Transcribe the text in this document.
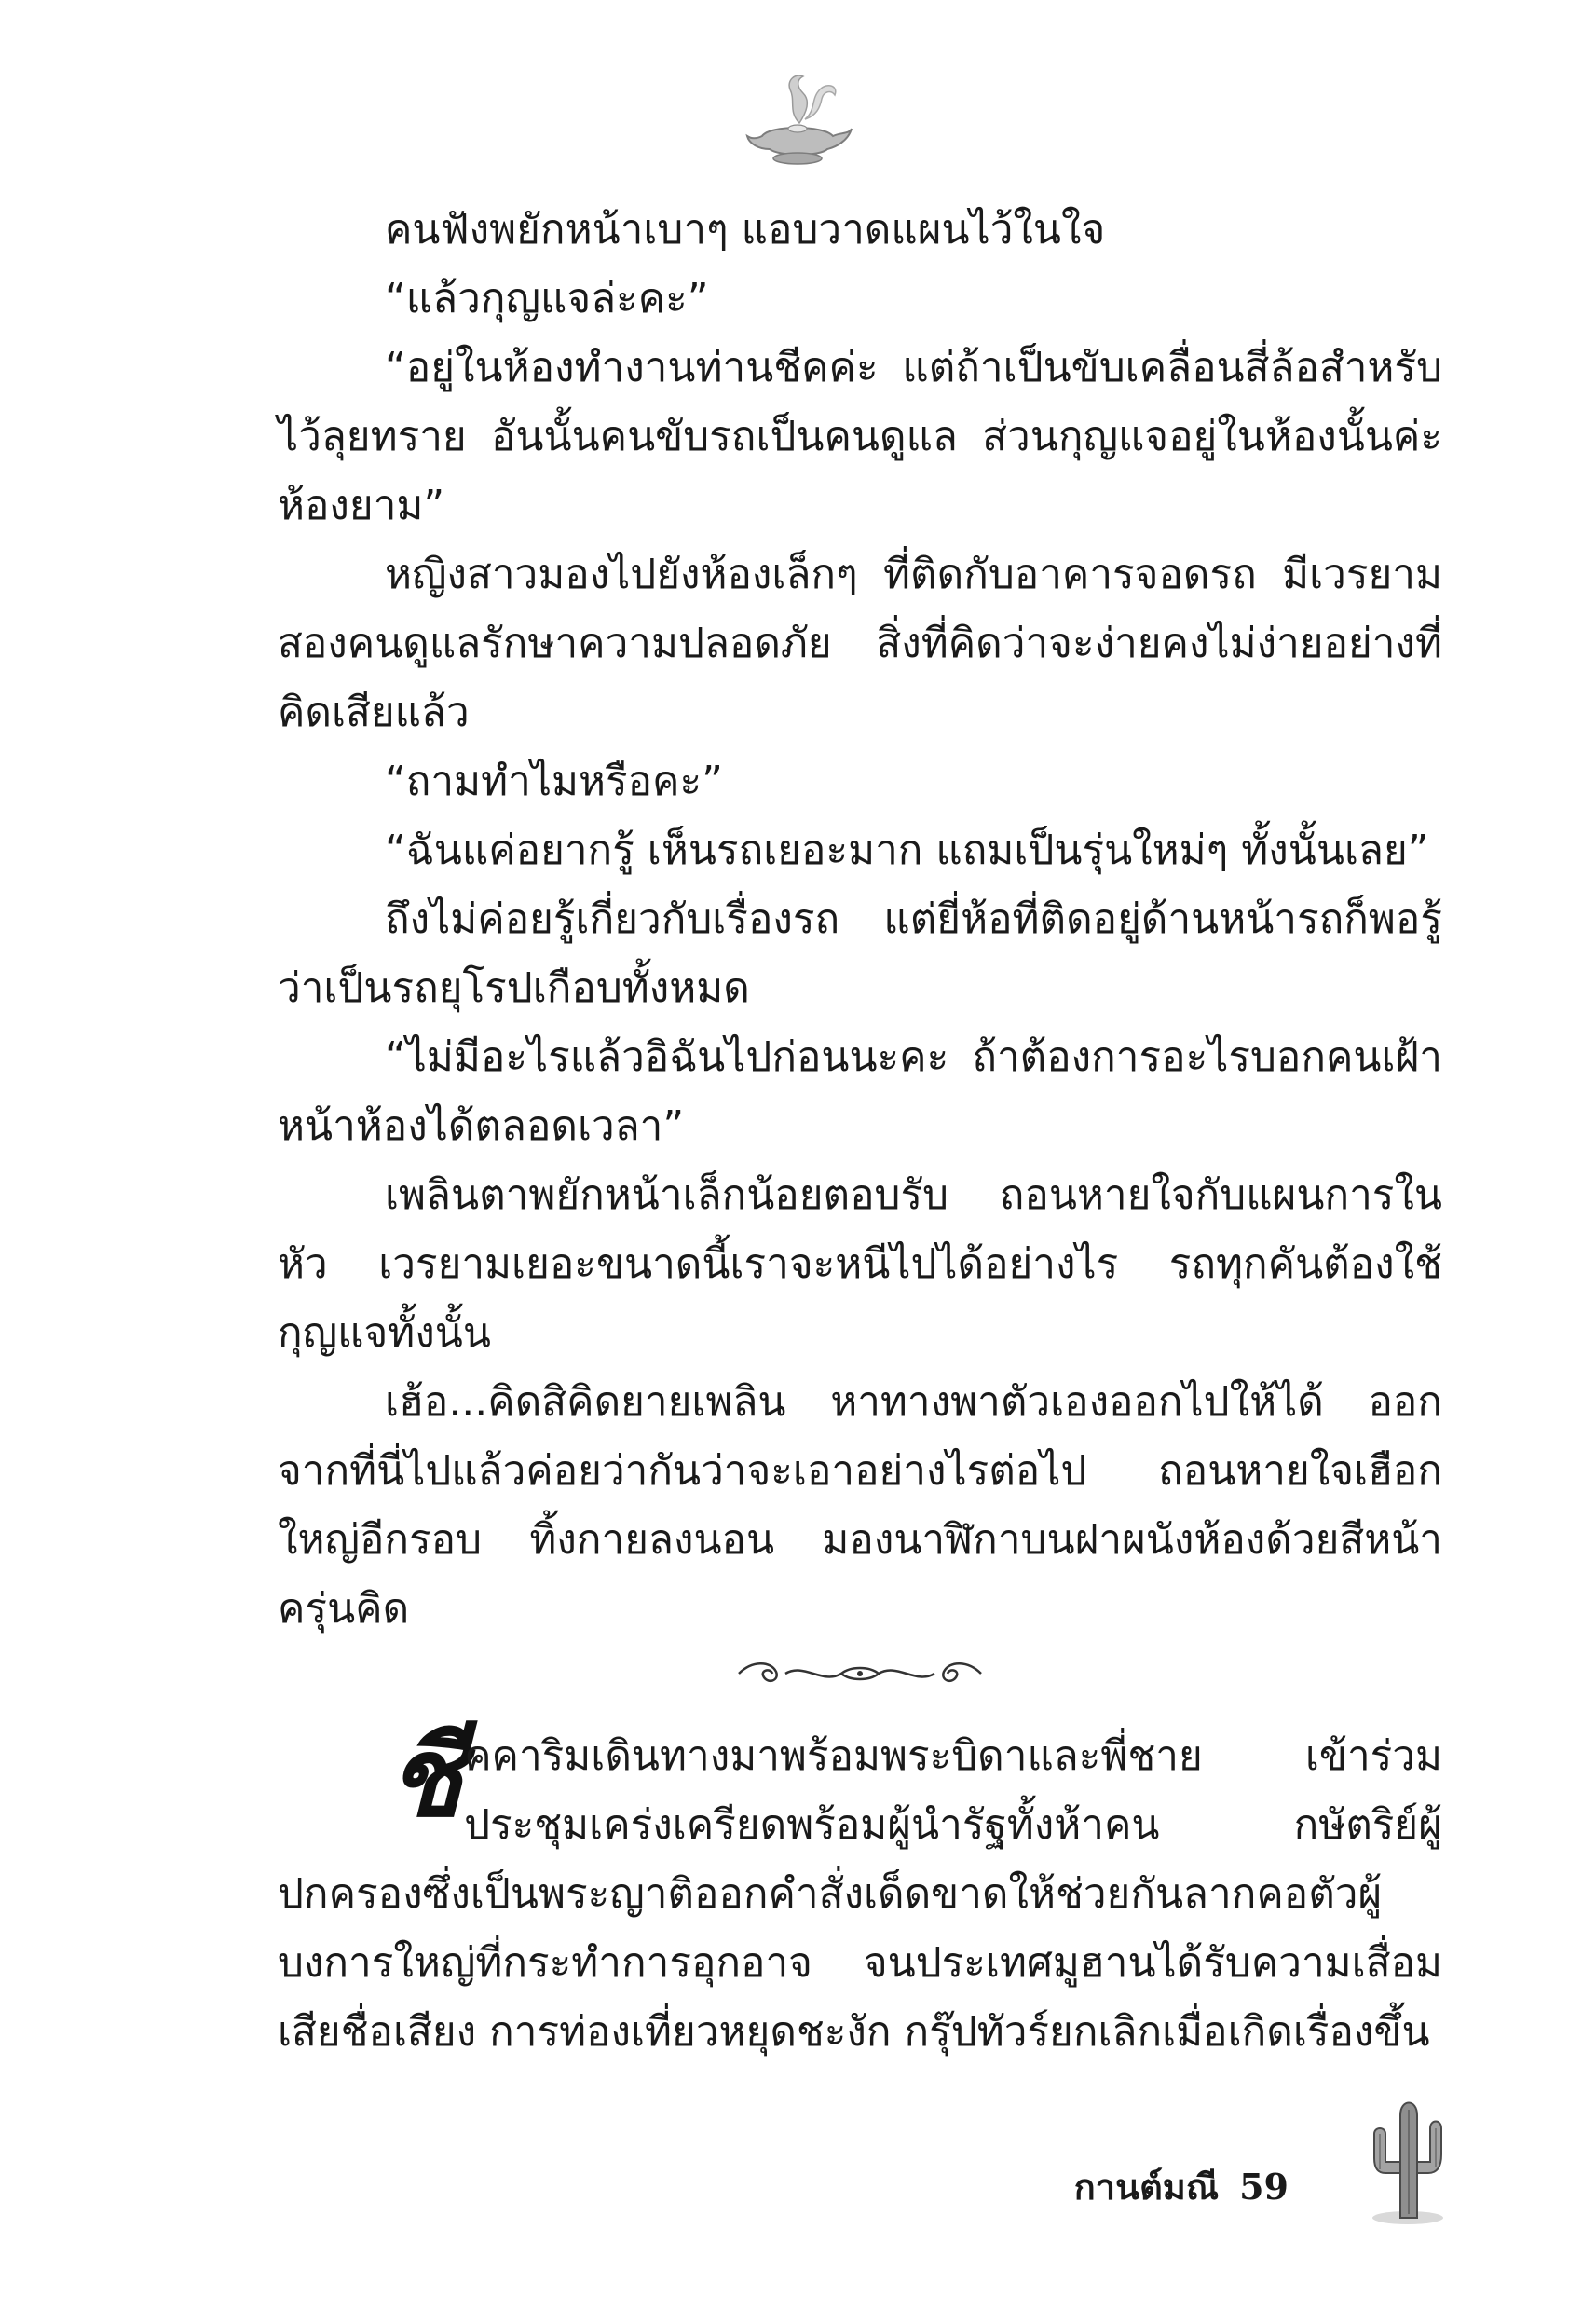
คนฟังพยักหน้าเบาๆ แอบวาดแผนไว้ในใจ

“แล้วกุญแจล่ะคะ”

“อยู่ในห้องทำงานท่านชีคค่ะ แต่ถ้าเป็นขับเคลื่อนสี่ล้อสำหรับไว้ลุยทราย อันนั้นคนขับรถเป็นคนดูแล ส่วนกุญแจอยู่ในห้องนั้นค่ะ ห้องยาม”

หญิงสาวมองไปยังห้องเล็กๆ ที่ติดกับอาคารจอดรถ มีเวรยามสองคนดูแลรักษาความปลอดภัย สิ่งที่คิดว่าจะง่ายคงไม่ง่ายอย่างที่คิดเสียแล้ว

“ถามทำไมหรือคะ”

“ฉันแค่อยากรู้ เห็นรถเยอะมาก แถมเป็นรุ่นใหม่ๆ ทั้งนั้นเลย”

ถึงไม่ค่อยรู้เกี่ยวกับเรื่องรถ แต่ยี่ห้อที่ติดอยู่ด้านหน้ารถก็พอรู้ว่าเป็นรถยุโรปเกือบทั้งหมด

“ไม่มีอะไรแล้วอิฉันไปก่อนนะคะ ถ้าต้องการอะไรบอกคนเฝ้าหน้าห้องได้ตลอดเวลา”

เพลินตาพยักหน้าเล็กน้อยตอบรับ ถอนหายใจกับแผนการในหัว เวรยามเยอะขนาดนี้เราจะหนีไปได้อย่างไร รถทุกคันต้องใช้กุญแจทั้งนั้น

เฮ้อ...คิดสิคิดยายเพลิน หาทางพาตัวเองออกไปให้ได้ ออกจากที่นี่ไปแล้วค่อยว่ากันว่าจะเอาอย่างไรต่อไป ถอนหายใจเฮือกใหญ่อีกรอบ ทิ้งกายลงนอน มองนาฬิกาบนฝาผนังห้องด้วยสีหน้าครุ่นคิด

ชีคคาริมเดินทางมาพร้อมพระบิดาและพี่ชาย เข้าร่วมประชุมเคร่งเครียดพร้อมผู้นำรัฐทั้งห้าคน กษัตริย์ผู้ปกครองซึ่งเป็นพระญาติออกคำสั่งเด็ดขาดให้ช่วยกันลากคอตัวผู้บงการใหญ่ที่กระทำการอุกอาจ จนประเทศมูฮานได้รับความเสื่อมเสียชื่อเสียง การท่องเที่ยวหยุดชะงัก กรุ๊ปทัวร์ยกเลิกเมื่อเกิดเรื่องขึ้น

กานต์มณี 59
